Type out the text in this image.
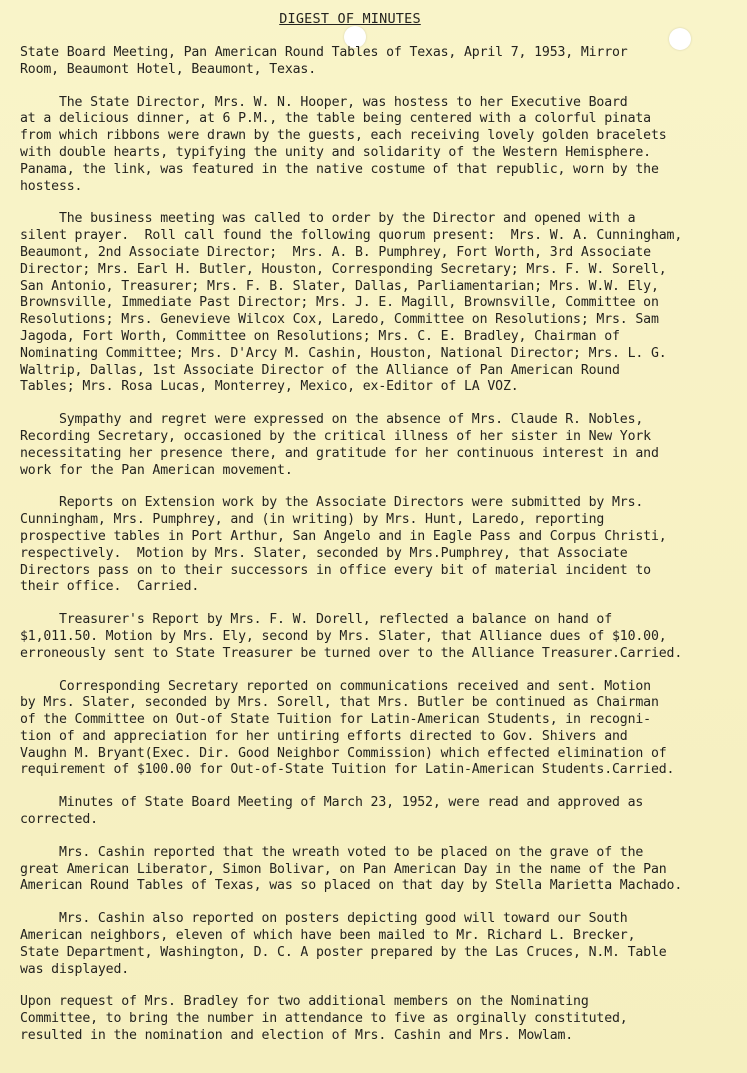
DIGEST OF MINUTES
State Board Meeting, Pan American Round Tables of Texas, April 7, 1953, Mirror
Room, Beaumont Hotel, Beaumont, Texas.
The State Director, Mrs. W. N. Hooper, was hostess to her Executive Board
at a delicious dinner, at 6 P.M., the table being centered with a colorful pinata
from which ribbons were drawn by the guests, each receiving lovely golden bracelets
with double hearts, typifying the unity and solidarity of the Western Hemisphere.
Panama, the link, was featured in the native costume of that republic, worn by the
hostess.
The business meeting was called to order by the Director and opened with a
silent prayer.  Roll call found the following quorum present:  Mrs. W. A. Cunningham,
Beaumont, 2nd Associate Director;  Mrs. A. B. Pumphrey, Fort Worth, 3rd Associate
Director; Mrs. Earl H. Butler, Houston, Corresponding Secretary; Mrs. F. W. Sorell,
San Antonio, Treasurer; Mrs. F. B. Slater, Dallas, Parliamentarian; Mrs. W.W. Ely,
Brownsville, Immediate Past Director; Mrs. J. E. Magill, Brownsville, Committee on
Resolutions; Mrs. Genevieve Wilcox Cox, Laredo, Committee on Resolutions; Mrs. Sam
Jagoda, Fort Worth, Committee on Resolutions; Mrs. C. E. Bradley, Chairman of
Nominating Committee; Mrs. D'Arcy M. Cashin, Houston, National Director; Mrs. L. G.
Waltrip, Dallas, 1st Associate Director of the Alliance of Pan American Round
Tables; Mrs. Rosa Lucas, Monterrey, Mexico, ex-Editor of LA VOZ.
Sympathy and regret were expressed on the absence of Mrs. Claude R. Nobles,
Recording Secretary, occasioned by the critical illness of her sister in New York
necessitating her presence there, and gratitude for her continuous interest in and
work for the Pan American movement.
Reports on Extension work by the Associate Directors were submitted by Mrs.
Cunningham, Mrs. Pumphrey, and (in writing) by Mrs. Hunt, Laredo, reporting
prospective tables in Port Arthur, San Angelo and in Eagle Pass and Corpus Christi,
respectively.  Motion by Mrs. Slater, seconded by Mrs.Pumphrey, that Associate
Directors pass on to their successors in office every bit of material incident to
their office.  Carried.
Treasurer's Report by Mrs. F. W. Dorell, reflected a balance on hand of
$1,011.50. Motion by Mrs. Ely, second by Mrs. Slater, that Alliance dues of $10.00,
erroneously sent to State Treasurer be turned over to the Alliance Treasurer.Carried.
Corresponding Secretary reported on communications received and sent. Motion
by Mrs. Slater, seconded by Mrs. Sorell, that Mrs. Butler be continued as Chairman
of the Committee on Out-of State Tuition for Latin-American Students, in recogni-
tion of and appreciation for her untiring efforts directed to Gov. Shivers and
Vaughn M. Bryant(Exec. Dir. Good Neighbor Commission) which effected elimination of
requirement of $100.00 for Out-of-State Tuition for Latin-American Students.Carried.
Minutes of State Board Meeting of March 23, 1952, were read and approved as
corrected.
Mrs. Cashin reported that the wreath voted to be placed on the grave of the
great American Liberator, Simon Bolivar, on Pan American Day in the name of the Pan
American Round Tables of Texas, was so placed on that day by Stella Marietta Machado.
Mrs. Cashin also reported on posters depicting good will toward our South
American neighbors, eleven of which have been mailed to Mr. Richard L. Brecker,
State Department, Washington, D. C. A poster prepared by the Las Cruces, N.M. Table
was displayed.
Upon request of Mrs. Bradley for two additional members on the Nominating
Committee, to bring the number in attendance to five as orginally constituted,
resulted in the nomination and election of Mrs. Cashin and Mrs. Mowlam.
